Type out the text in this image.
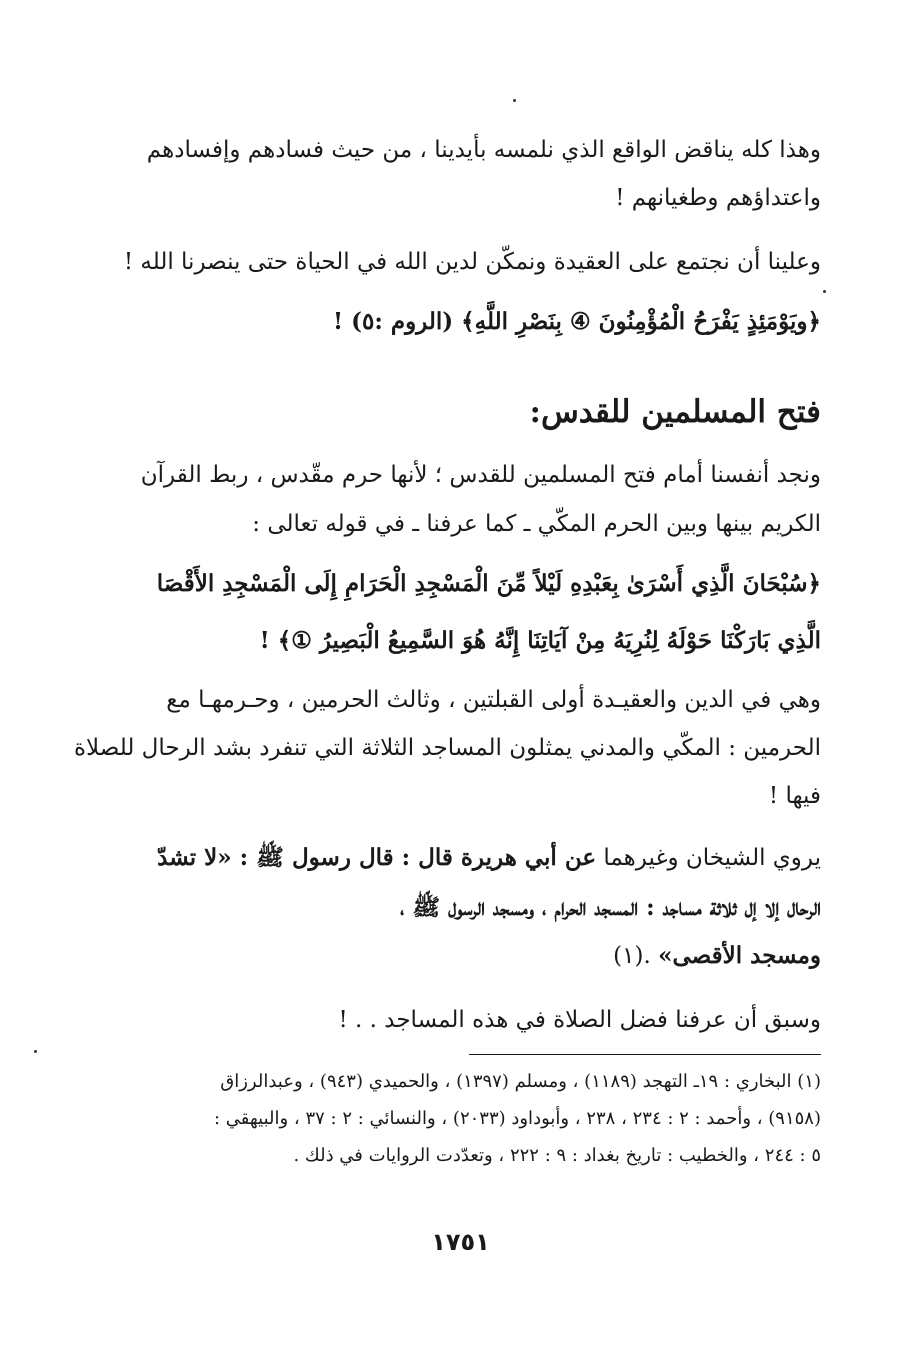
وهذا كله يناقض الواقع الذي نلمسه بأيدينا ، من حيث فسادهم وإفسادهم
واعتداؤهم وطغيانهم !
وعلينا أن نجتمع على العقيدة ونمكّن لدين الله في الحياة حتى ينصرنا الله !
﴿ويَوْمَئِذٍ يَفْرَحُ الْمُؤْمِنُونَ ④ بِنَصْرِ اللَّهِ﴾ (الروم :٥) !
فتح المسلمين للقدس:
ونجد أنفسنا أمام فتح المسلمين للقدس ؛ لأنها حرم مقّدس ، ربط القرآن
الكريم بينها وبين الحرم المكّي ـ كما عرفنا ـ في قوله تعالى :
﴿سُبْحَانَ الَّذِي أَسْرَىٰ بِعَبْدِهِ لَيْلاً مِّنَ الْمَسْجِدِ الْحَرَامِ إِلَى الْمَسْجِدِ الأَقْصَا
الَّذِي بَارَكْنَا حَوْلَهُ لِنُرِيَهُ مِنْ آيَاتِنَا إِنَّهُ هُوَ السَّمِيعُ الْبَصِيرُ ①﴾ !
وهي في الدين والعقيـدة أولى القبلتين ، وثالث الحرمين ، وحـرمهـا مع
الحرمين : المكّي والمدني يمثلون المساجد الثلاثة التي تنفرد بشد الرحال للصلاة
فيها !
يروي الشيخان وغيرهما عن أبي هريرة قال : قال رسول ﷺ : «لا تشدّ
الرحال إلا إل ثلاثة مساجد : المسجد الحرام ، ومسجد الرسول ﷺ ،
ومسجد الأقصى» .(١)
وسبق أن عرفنا فضل الصلاة في هذه المساجد . . !
(١) البخاري : ١٩ـ التهجد (١١٨٩) ، ومسلم (١٣٩٧) ، والحميدي (٩٤٣) ، وعبدالرزاق
(٩١٥٨) ، وأحمد : ٢ : ٢٣٤ ، ٢٣٨ ، وأبوداود (٢٠٣٣) ، والنسائي : ٢ : ٣٧ ، والبيهقي :
٥ : ٢٤٤ ، والخطيب : تاريخ بغداد : ٩ : ٢٢٢ ، وتعدّدت الروايات في ذلك .
١٧٥١
